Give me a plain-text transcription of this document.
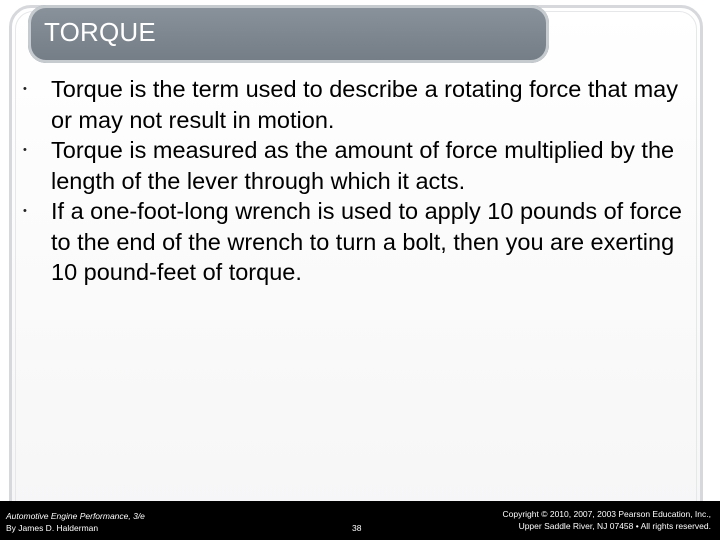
TORQUE
•	Torque is the term used to describe a rotating force that may or may not result in motion.
•	Torque is measured as the amount of force multiplied by the length of the lever through which it acts.
•	If a one-foot-long wrench is used to apply 10 pounds of force to the end of the wrench to turn a bolt, then you are exerting 10 pound-feet of torque.
Automotive Engine Performance, 3/e
By James D. Halderman	38
Copyright © 2010, 2007, 2003 Pearson Education, Inc.,
Upper Saddle River, NJ 07458 • All rights reserved.
